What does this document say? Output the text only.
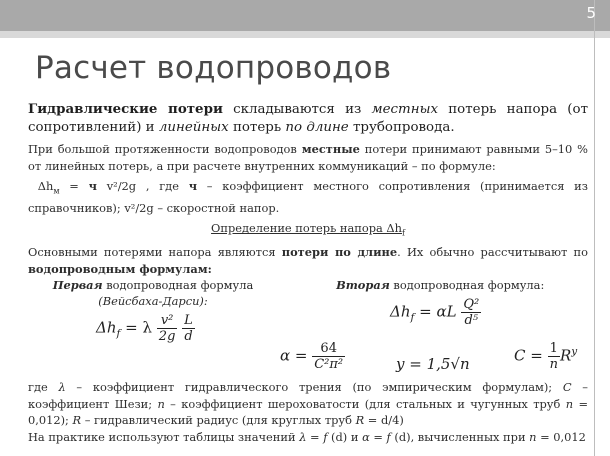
5
Расчет водопроводов

Гидравлические потери складываются из местных потерь напора (от сопротивлений) и линейных потерь по длине трубопровода.

При большой протяженности водопроводов местные потери принимают равными 5–10 % от линейных потерь, а при расчете внутренних коммуникаций – по формуле:

$\Delta h_м = ч$ v²/2g , где ч – коэффициент местного сопротивления (принимается из справочников); v²/2g – скоростной напор.

Определение потерь напора $\Delta h_f$

Основными потерями напора являются потери по длине. Их обычно рассчитывают по водопроводным формулам:

Первая водопроводная формула
(Вейсбаха-Дарси):
Вторая водопроводная формула:
$\Delta h_f = \lambda \frac{\text{v²}}{2g}$
$\frac{L}{d}$
$\Delta h_f = \alpha L \frac{\text{Q²}}{\text{d⁵}}$
$\alpha = \frac{64}{\text{C²π²}}$	y = 1,5√n	$C = \frac{1}{n} R^y$

где λ – коэффициент гидравлического трения (по эмпирическим формулам); C – коэффициент Шези; n – коэффициент шероховатости (для стальных и чугунных труб n = 0,012); R – гидравлический радиус (для круглых труб R = d/4)

На практике используют таблицы значений λ = f (d) и α = f (d), вычисленных при n = 0,012
